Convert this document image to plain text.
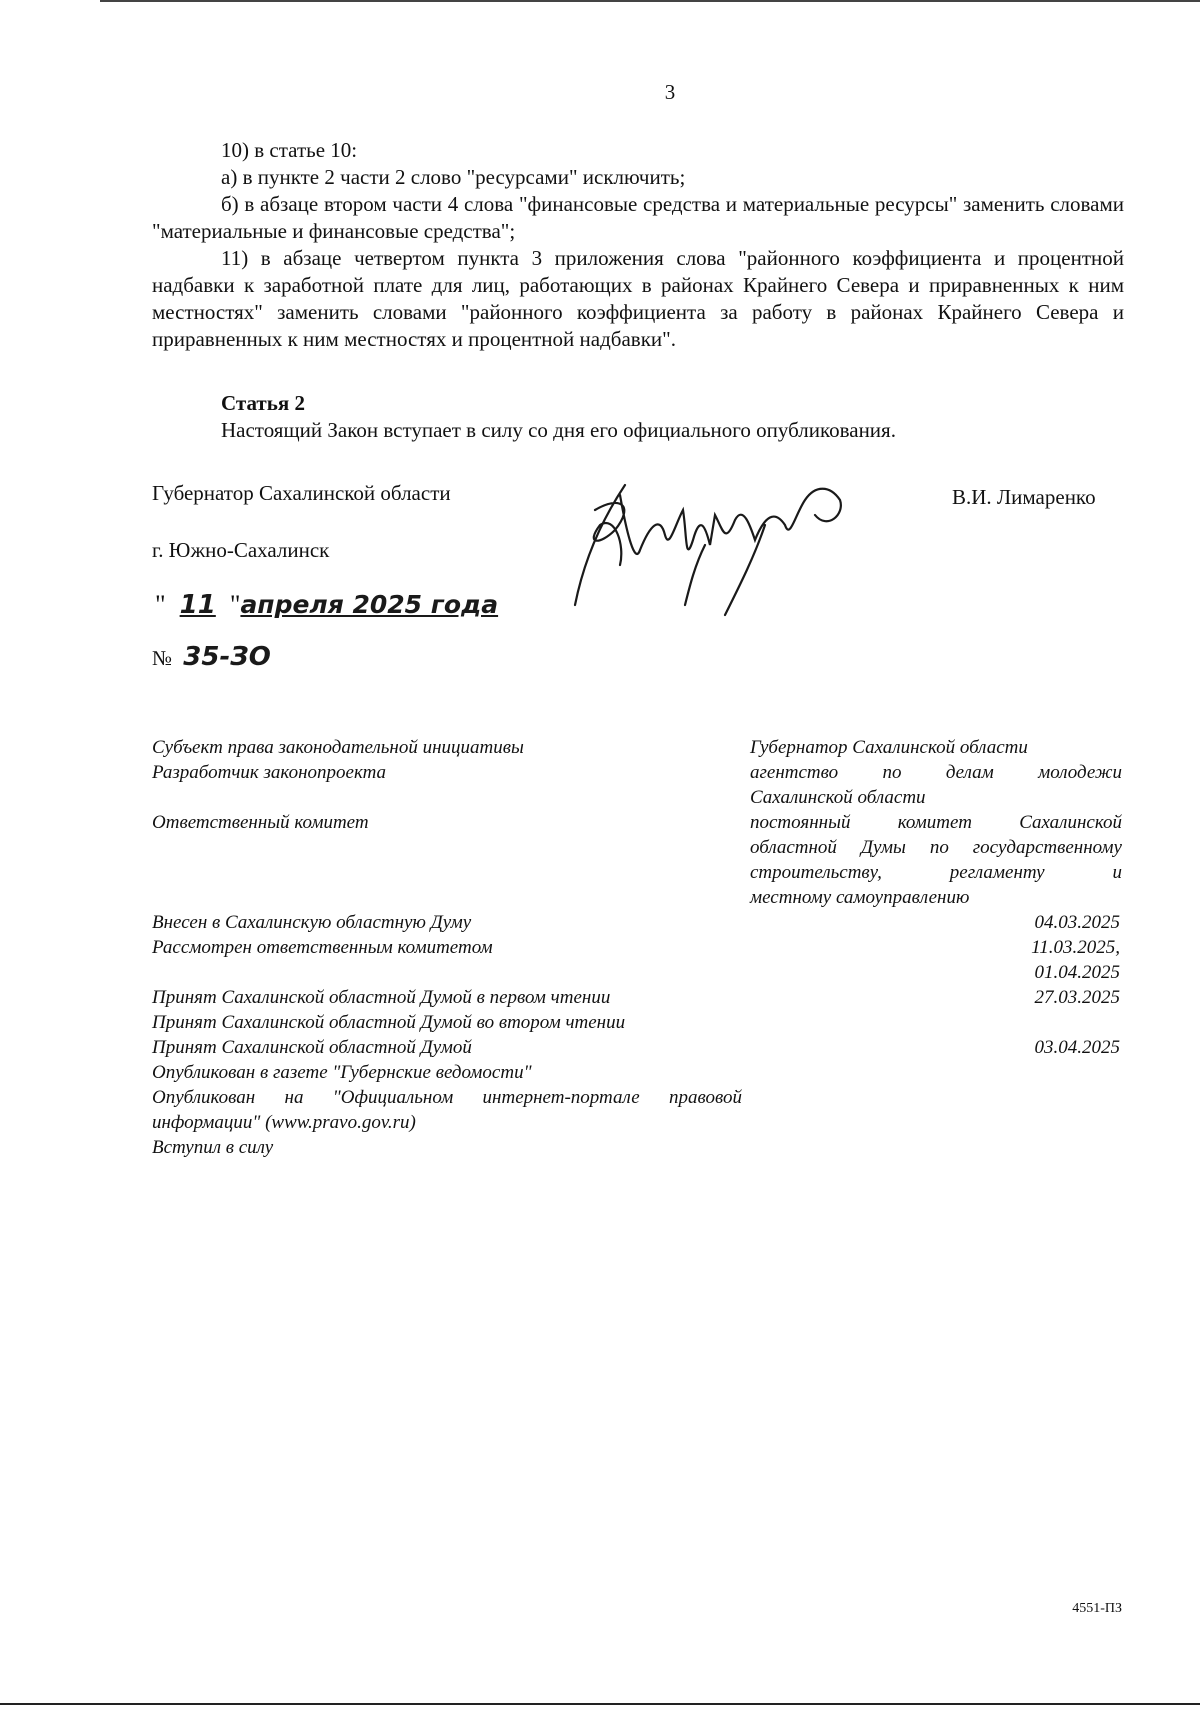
3

10) в статье 10:

а) в пункте 2 части 2 слово "ресурсами" исключить;

б) в абзаце втором части 4 слова "финансовые средства и материальные ресурсы" заменить словами "материальные и финансовые средства";

11) в абзаце четвертом пункта 3 приложения слова "районного коэффициента и процентной надбавки к заработной плате для лиц, работающих в районах Крайнего Севера и приравненных к ним местностях" заменить словами "районного коэффициента за работу в районах Крайнего Севера и приравненных к ним местностях и процентной надбавки".

Статья 2

Настоящий Закон вступает в силу со дня его официального опубликования.

Губернатор Сахалинской области	В.И. Лимаренко
г. Южно-Сахалинск
" 11 "апреля 2025 года
№ 35-ЗО
Субъект права законодательной инициативы
Разработчик законопроекта
Ответственный комитет
Губернатор Сахалинской области
агентство по делам молодежи
Сахалинской области
постоянный комитет Сахалинской
областной Думы по государственному
строительству, регламенту и
местному самоуправлению
Внесен в Сахалинскую областную Думу
Рассмотрен ответственным комитетом
Принят Сахалинской областной Думой в первом чтении
Принят Сахалинской областной Думой во втором чтении
Принят Сахалинской областной Думой
Опубликован в газете "Губернские ведомости"
Опубликован на "Официальном интернет-портале правовой информации" (www.pravo.gov.ru)
Вступил в силу
04.03.2025
11.03.2025,
01.04.2025
27.03.2025
03.04.2025
4551-ПЗ
